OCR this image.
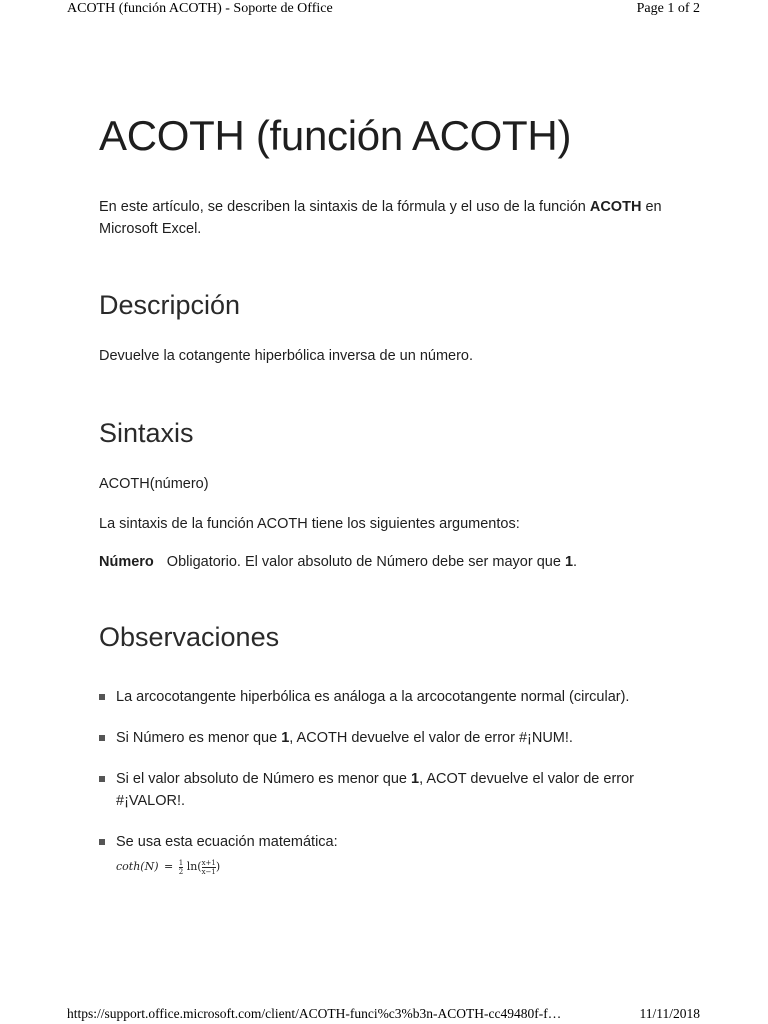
ACOTH (función ACOTH) - Soporte de Office	Page 1 of 2
ACOTH (función ACOTH)

En este artículo, se describen la sintaxis de la fórmula y el uso de la función ACOTH en Microsoft Excel.

Descripción

Devuelve la cotangente hiperbólica inversa de un número.

Sintaxis

ACOTH(número)

La sintaxis de la función ACOTH tiene los siguientes argumentos:

Número Obligatorio. El valor absoluto de Número debe ser mayor que 1.

Observaciones
La arcocotangente hiperbólica es análoga a la arcocotangente normal (circular).
Si Número es menor que 1, ACOTH devuelve el valor de error #¡NUM!.
Si el valor absoluto de Número es menor que 1, ACOT devuelve el valor de error #¡VALOR!.
Se usa esta ecuación matemática:
$\cot h(N) = \frac{1}{2} \ln( \frac{x+1}{x-1}$ )
https://support.office.microsoft.com/client/ACOTH-funci%c3%b3n-ACOTH-cc49480f-f…	11/11/2018
